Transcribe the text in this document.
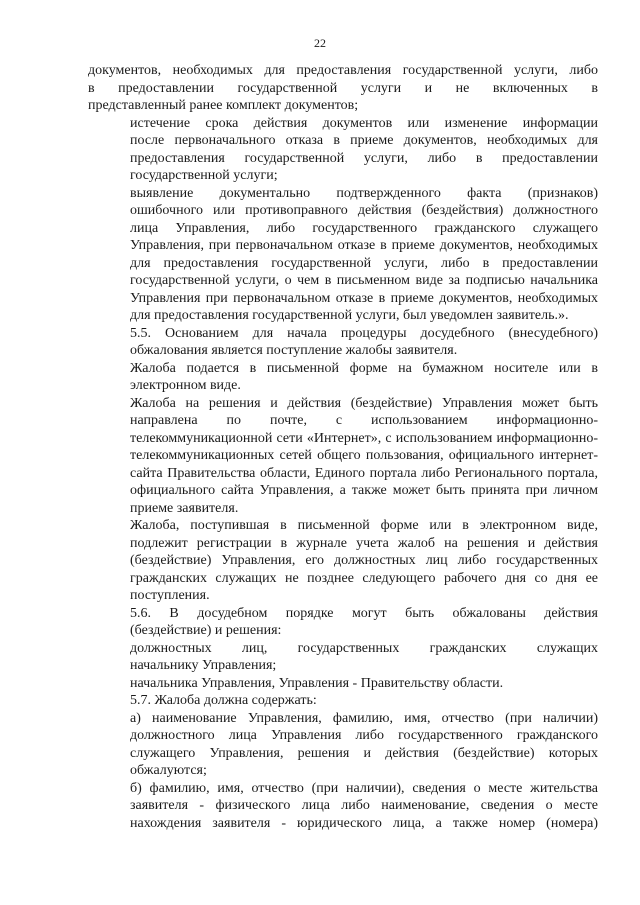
22

документов, необходимых для предоставления государственной услуги, либо
в предоставлении государственной услуги и не включенных в
представленный ранее комплект документов;

истечение срока действия документов или изменение информации
после первоначального отказа в приеме документов, необходимых для
предоставления государственной услуги, либо в предоставлении
государственной услуги;

выявление документально подтвержденного факта (признаков)
ошибочного или противоправного действия (бездействия) должностного
лица Управления, либо государственного гражданского служащего
Управления, при первоначальном отказе в приеме документов, необходимых
для предоставления государственной услуги, либо в предоставлении
государственной услуги, о чем в письменном виде за подписью начальника
Управления при первоначальном отказе в приеме документов, необходимых
для предоставления государственной услуги, был уведомлен заявитель.».

5.5. Основанием для начала процедуры досудебного (внесудебного)
обжалования является поступление жалобы заявителя.

Жалоба подается в письменной форме на бумажном носителе или в
электронном виде.

Жалоба на решения и действия (бездействие) Управления может быть
направлена по почте, с использованием информационно-
телекоммуникационной сети «Интернет», с использованием информационно-
телекоммуникационных сетей общего пользования, официального интернет-
сайта Правительства области, Единого портала либо Регионального портала,
официального сайта Управления, а также может быть принята при личном
приеме заявителя.

Жалоба, поступившая в письменной форме или в электронном виде,
подлежит регистрации в журнале учета жалоб на решения и действия
(бездействие) Управления, его должностных лиц либо государственных
гражданских служащих не позднее следующего рабочего дня со дня ее
поступления.

5.6. В досудебном порядке могут быть обжалованы действия
(бездействие) и решения:

должностных лиц, государственных гражданских служащих
начальнику Управления;

начальника Управления, Управления - Правительству области.

5.7. Жалоба должна содержать:

а) наименование Управления, фамилию, имя, отчество (при наличии)
должностного лица Управления либо государственного гражданского
служащего Управления, решения и действия (бездействие) которых
обжалуются;

б) фамилию, имя, отчество (при наличии), сведения о месте жительства
заявителя - физического лица либо наименование, сведения о месте
нахождения заявителя - юридического лица, а также номер (номера)
